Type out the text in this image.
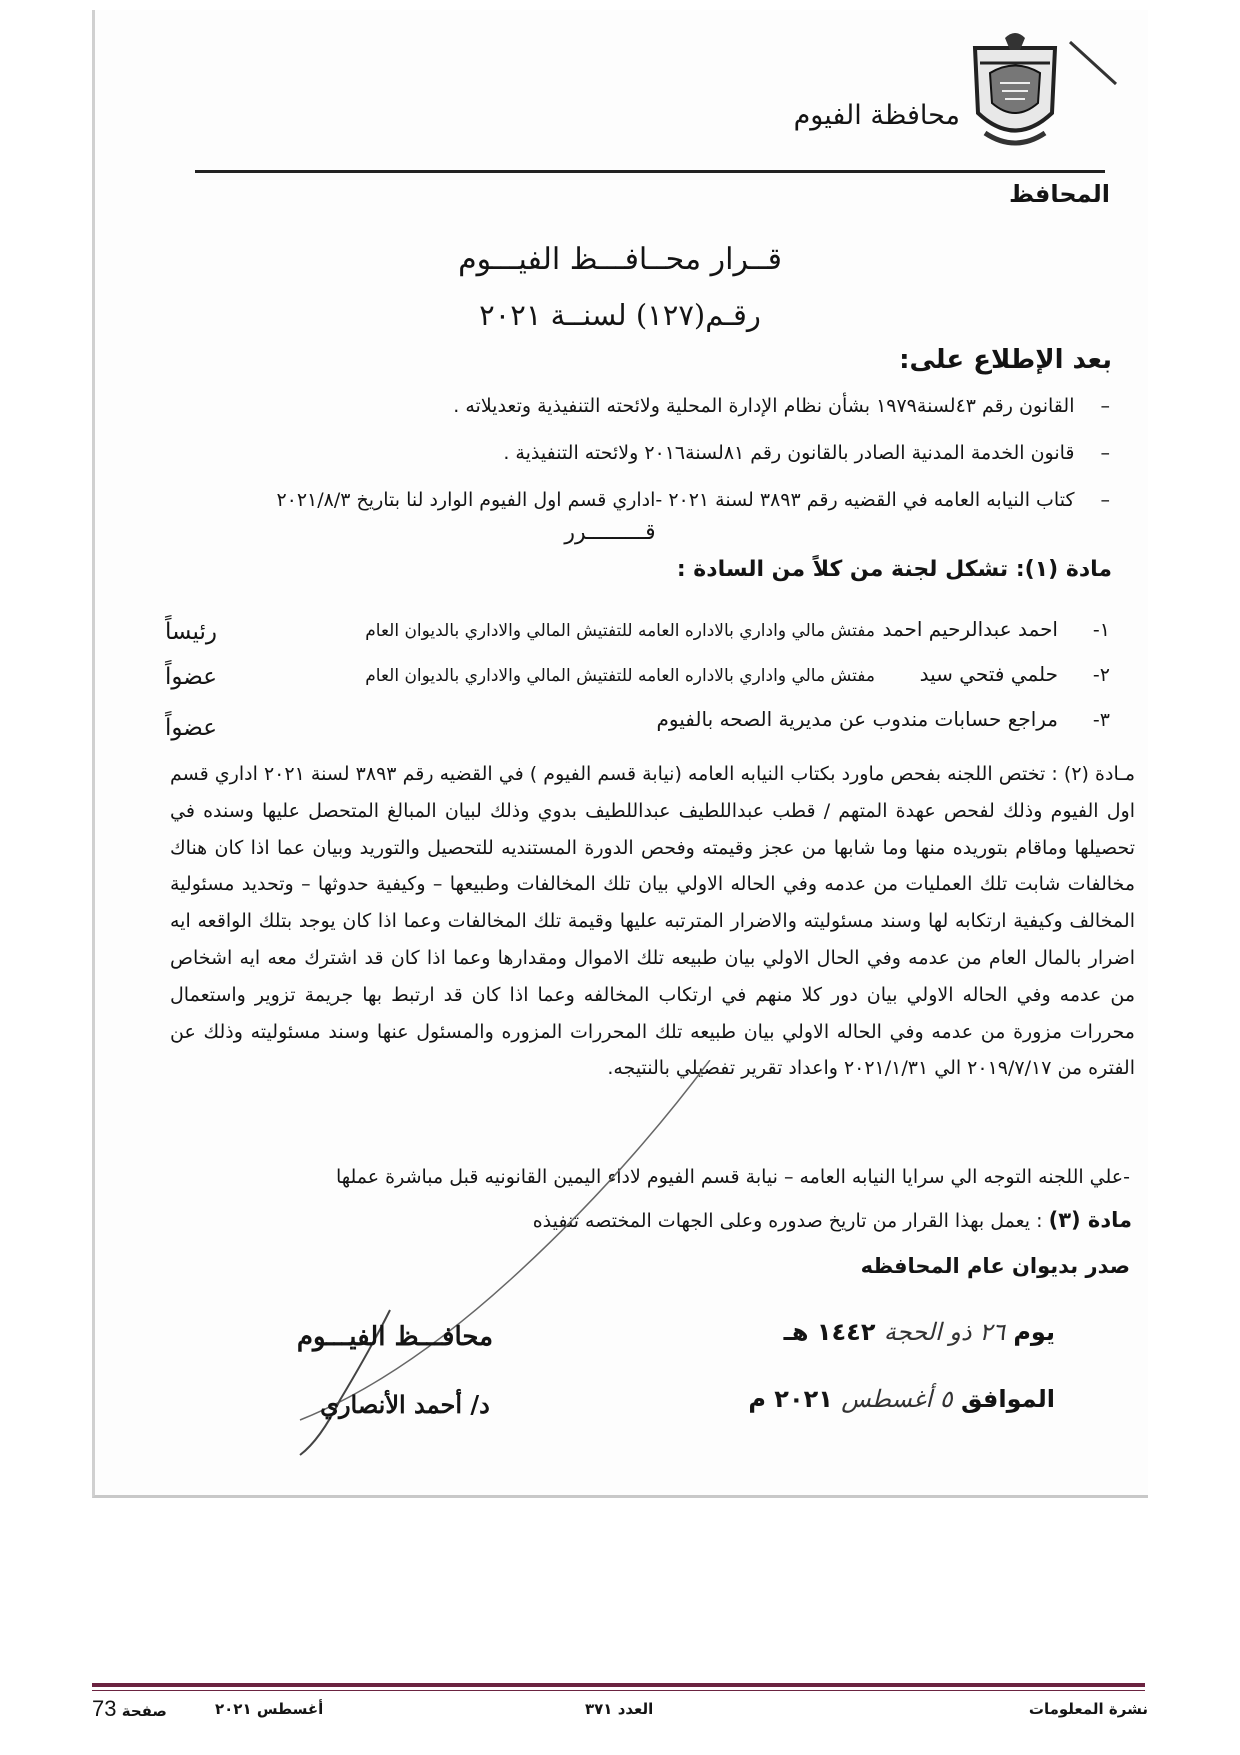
محافظة الفيوم
المحافظ
قــرار محــافـــظ الفيـــوم
رقـم(١٢٧) لسنــة ٢٠٢١
بعد الإطلاع على:
–القانون رقم ٤٣لسنة١٩٧٩ بشأن نظام الإدارة المحلية ولائحته التنفيذية وتعديلاته .
–قانون الخدمة المدنية الصادر بالقانون رقم ٨١لسنة٢٠١٦ ولائحته التنفيذية .
–كتاب النيابه العامه في القضيه رقم ٣٨٩٣ لسنة ٢٠٢١ -اداري قسم اول الفيوم الوارد لنا بتاريخ ٢٠٢١/٨/٣
قـــــــــرر
مادة (١): تشكل لجنة من كلاً من السادة :
١-
احمد عبدالرحيم احمد
مفتش مالي واداري بالاداره العامه للتفتيش المالي والاداري بالديوان العام
رئيساً
٢-
حلمي فتحي سيد
مفتش مالي واداري بالاداره العامه للتفتيش المالي والاداري بالديوان العام
عضواً
٣-
مراجع حسابات مندوب عن مديرية الصحه بالفيوم
عضواً
مـادة (٢) : تختص اللجنه بفحص ماورد بكتاب النيابه العامه (نيابة قسم الفيوم ) في القضيه رقم ٣٨٩٣ لسنة ٢٠٢١ اداري قسم اول الفيوم وذلك لفحص عهدة المتهم / قطب عبداللطيف عبداللطيف بدوي وذلك لبيان المبالغ المتحصل عليها وسنده في تحصيلها وماقام بتوريده منها وما شابها من عجز وقيمته وفحص الدورة المستنديه للتحصيل والتوريد وبيان عما اذا كان هناك مخالفات شابت تلك العمليات من عدمه وفي الحاله الاولي بيان تلك المخالفات وطبيعها – وكيفية حدوثها – وتحديد مسئولية المخالف وكيفية ارتكابه لها وسند مسئوليته والاضرار المترتبه عليها وقيمة تلك المخالفات وعما اذا كان يوجد بتلك الواقعه ايه اضرار بالمال العام من عدمه وفي الحال الاولي بيان طبيعه تلك الاموال ومقدارها وعما اذا كان قد اشترك معه ايه اشخاص من عدمه وفي الحاله الاولي بيان دور كلا منهم في ارتكاب المخالفه وعما اذا كان قد ارتبط بها جريمة تزوير واستعمال محررات مزورة من عدمه وفي الحاله الاولي بيان طبيعه تلك المحررات المزوره والمسئول عنها وسند مسئوليته وذلك عن الفتره من ٢٠١٩/٧/١٧ الي ٢٠٢١/١/٣١ واعداد تقرير تفصيلي بالنتيجه.
-علي اللجنه التوجه الي سرايا النيابه العامه – نيابة قسم الفيوم لاداء اليمين القانونيه قبل مباشرة عملها
مادة (٣) : يعمل بهذا القرار من تاريخ صدوره وعلى الجهات المختصه تنفيذه
صدر بديوان عام المحافظه
يوم ٢٦ ذو الحجة ١٤٤٢ هـ
الموافق ٥ أغسطس ٢٠٢١ م
محافـــظ الفيـــوم
د/ أحمد الأنصاري
نشرة المعلومات
العدد ٣٧١
أغسطس ٢٠٢١
صفحة 73
